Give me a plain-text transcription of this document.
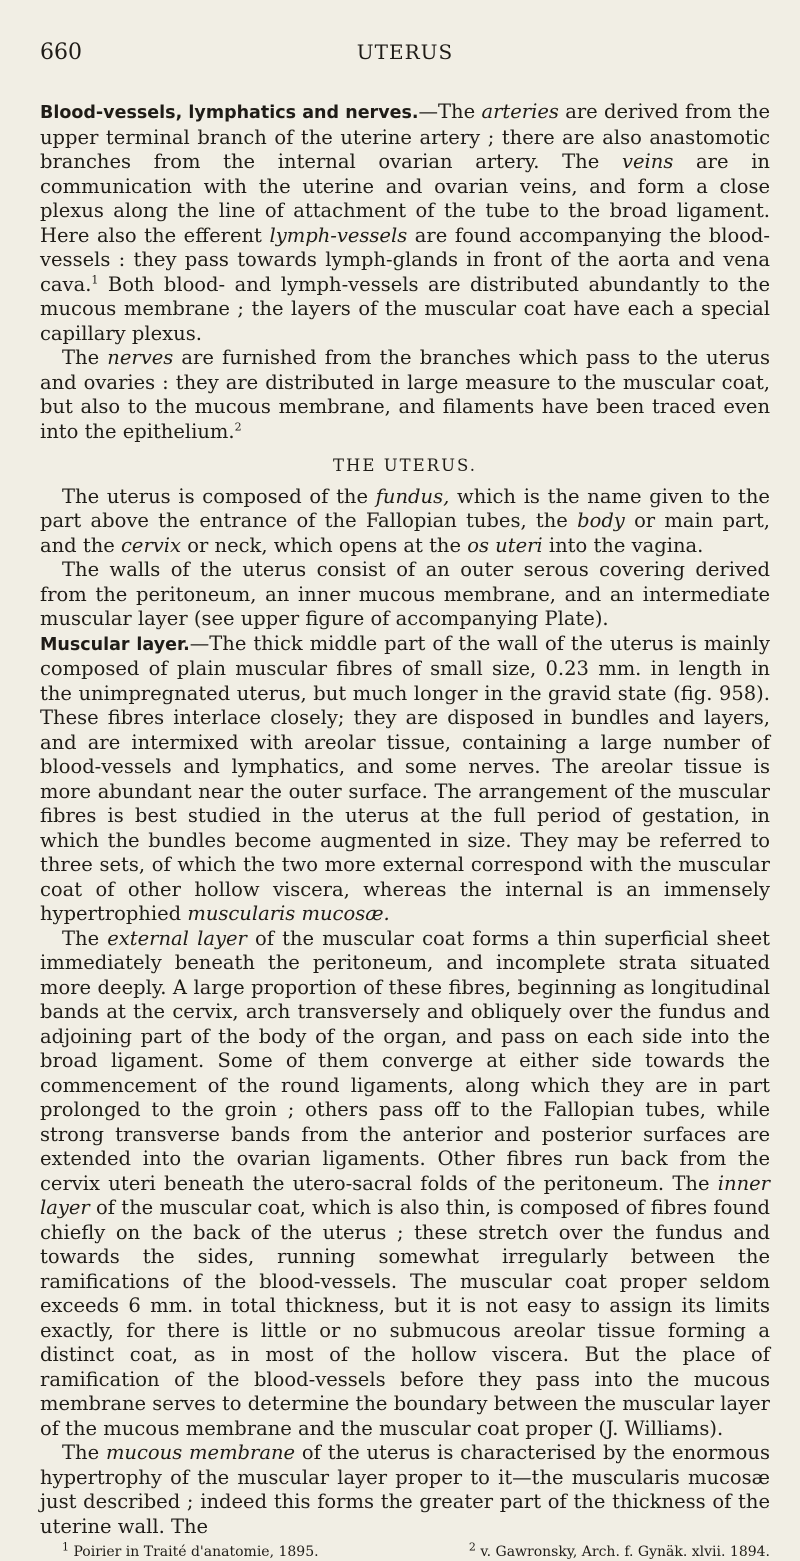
660	UTERUS

Blood-vessels, lymphatics and nerves.—The arteries are derived from the upper terminal branch of the uterine artery ; there are also anastomotic branches from the internal ovarian artery. The veins are in communication with the uterine and ovarian veins, and form a close plexus along the line of attachment of the tube to the broad ligament. Here also the efferent lymph-vessels are found accompanying the blood-vessels : they pass towards lymph-glands in front of the aorta and vena cava.$^1$ Both blood- and lymph-vessels are distributed abundantly to the mucous membrane ; the layers of the muscular coat have each a special capillary plexus.

The nerves are furnished from the branches which pass to the uterus and ovaries : they are distributed in large measure to the muscular coat, but also to the mucous membrane, and filaments have been traced even into the epithelium.$^2$

THE UTERUS.

The uterus is composed of the fundus, which is the name given to the part above the entrance of the Fallopian tubes, the body or main part, and the cervix or neck, which opens at the os uteri into the vagina.

The walls of the uterus consist of an outer serous covering derived from the peritoneum, an inner mucous membrane, and an intermediate muscular layer (see upper figure of accompanying Plate).

Muscular layer.—The thick middle part of the wall of the uterus is mainly composed of plain muscular fibres of small size, 0.23 mm. in length in the unimpregnated uterus, but much longer in the gravid state (fig. 958). These fibres interlace closely; they are disposed in bundles and layers, and are intermixed with areolar tissue, containing a large number of blood-vessels and lymphatics, and some nerves. The areolar tissue is more abundant near the outer surface. The arrangement of the muscular fibres is best studied in the uterus at the full period of gestation, in which the bundles become augmented in size. They may be referred to three sets, of which the two more external correspond with the muscular coat of other hollow viscera, whereas the internal is an immensely hypertrophied muscularis mucosæ.

The external layer of the muscular coat forms a thin superficial sheet immediately beneath the peritoneum, and incomplete strata situated more deeply. A large proportion of these fibres, beginning as longitudinal bands at the cervix, arch transversely and obliquely over the fundus and adjoining part of the body of the organ, and pass on each side into the broad ligament. Some of them converge at either side towards the commencement of the round ligaments, along which they are in part prolonged to the groin ; others pass off to the Fallopian tubes, while strong transverse bands from the anterior and posterior surfaces are extended into the ovarian ligaments. Other fibres run back from the cervix uteri beneath the utero-sacral folds of the peritoneum. The inner layer of the muscular coat, which is also thin, is composed of fibres found chiefly on the back of the uterus ; these stretch over the fundus and towards the sides, running somewhat irregularly between the ramifications of the blood-vessels. The muscular coat proper seldom exceeds 6 mm. in total thickness, but it is not easy to assign its limits exactly, for there is little or no submucous areolar tissue forming a distinct coat, as in most of the hollow viscera. But the place of ramification of the blood-vessels before they pass into the mucous membrane serves to determine the boundary between the muscular layer of the mucous membrane and the muscular coat proper (J. Williams).

The mucous membrane of the uterus is characterised by the enormous hypertrophy of the muscular layer proper to it—the muscularis mucosæ just described ; indeed this forms the greater part of the thickness of the uterine wall. The

$^1$ Poirier in Traité d'anatomie, 1895.	$^2$ v. Gawronsky, Arch. f. Gynäk. xlvii. 1894.
